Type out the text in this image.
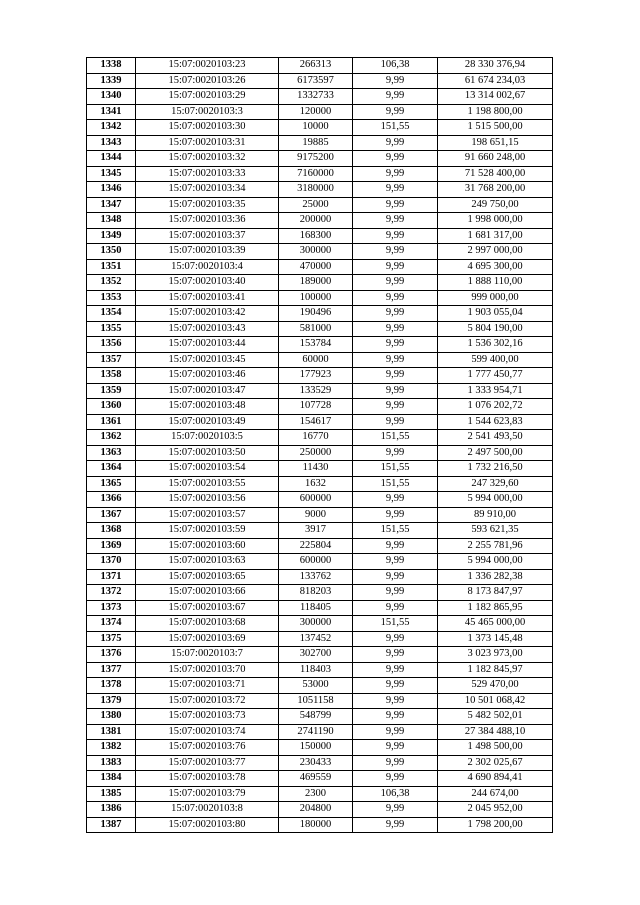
1338	15:07:0020103:23	266313	106,38	28 330 376,94
1339	15:07:0020103:26	6173597	9,99	61 674 234,03
1340	15:07:0020103:29	1332733	9,99	13 314 002,67
1341	15:07:0020103:3	120000	9,99	1 198 800,00
1342	15:07:0020103:30	10000	151,55	1 515 500,00
1343	15:07:0020103:31	19885	9,99	198 651,15
1344	15:07:0020103:32	9175200	9,99	91 660 248,00
1345	15:07:0020103:33	7160000	9,99	71 528 400,00
1346	15:07:0020103:34	3180000	9,99	31 768 200,00
1347	15:07:0020103:35	25000	9,99	249 750,00
1348	15:07:0020103:36	200000	9,99	1 998 000,00
1349	15:07:0020103:37	168300	9,99	1 681 317,00
1350	15:07:0020103:39	300000	9,99	2 997 000,00
1351	15:07:0020103:4	470000	9,99	4 695 300,00
1352	15:07:0020103:40	189000	9,99	1 888 110,00
1353	15:07:0020103:41	100000	9,99	999 000,00
1354	15:07:0020103:42	190496	9,99	1 903 055,04
1355	15:07:0020103:43	581000	9,99	5 804 190,00
1356	15:07:0020103:44	153784	9,99	1 536 302,16
1357	15:07:0020103:45	60000	9,99	599 400,00
1358	15:07:0020103:46	177923	9,99	1 777 450,77
1359	15:07:0020103:47	133529	9,99	1 333 954,71
1360	15:07:0020103:48	107728	9,99	1 076 202,72
1361	15:07:0020103:49	154617	9,99	1 544 623,83
1362	15:07:0020103:5	16770	151,55	2 541 493,50
1363	15:07:0020103:50	250000	9,99	2 497 500,00
1364	15:07:0020103:54	11430	151,55	1 732 216,50
1365	15:07:0020103:55	1632	151,55	247 329,60
1366	15:07:0020103:56	600000	9,99	5 994 000,00
1367	15:07:0020103:57	9000	9,99	89 910,00
1368	15:07:0020103:59	3917	151,55	593 621,35
1369	15:07:0020103:60	225804	9,99	2 255 781,96
1370	15:07:0020103:63	600000	9,99	5 994 000,00
1371	15:07:0020103:65	133762	9,99	1 336 282,38
1372	15:07:0020103:66	818203	9,99	8 173 847,97
1373	15:07:0020103:67	118405	9,99	1 182 865,95
1374	15:07:0020103:68	300000	151,55	45 465 000,00
1375	15:07:0020103:69	137452	9,99	1 373 145,48
1376	15:07:0020103:7	302700	9,99	3 023 973,00
1377	15:07:0020103:70	118403	9,99	1 182 845,97
1378	15:07:0020103:71	53000	9,99	529 470,00
1379	15:07:0020103:72	1051158	9,99	10 501 068,42
1380	15:07:0020103:73	548799	9,99	5 482 502,01
1381	15:07:0020103:74	2741190	9,99	27 384 488,10
1382	15:07:0020103:76	150000	9,99	1 498 500,00
1383	15:07:0020103:77	230433	9,99	2 302 025,67
1384	15:07:0020103:78	469559	9,99	4 690 894,41
1385	15:07:0020103:79	2300	106,38	244 674,00
1386	15:07:0020103:8	204800	9,99	2 045 952,00
1387	15:07:0020103:80	180000	9,99	1 798 200,00
